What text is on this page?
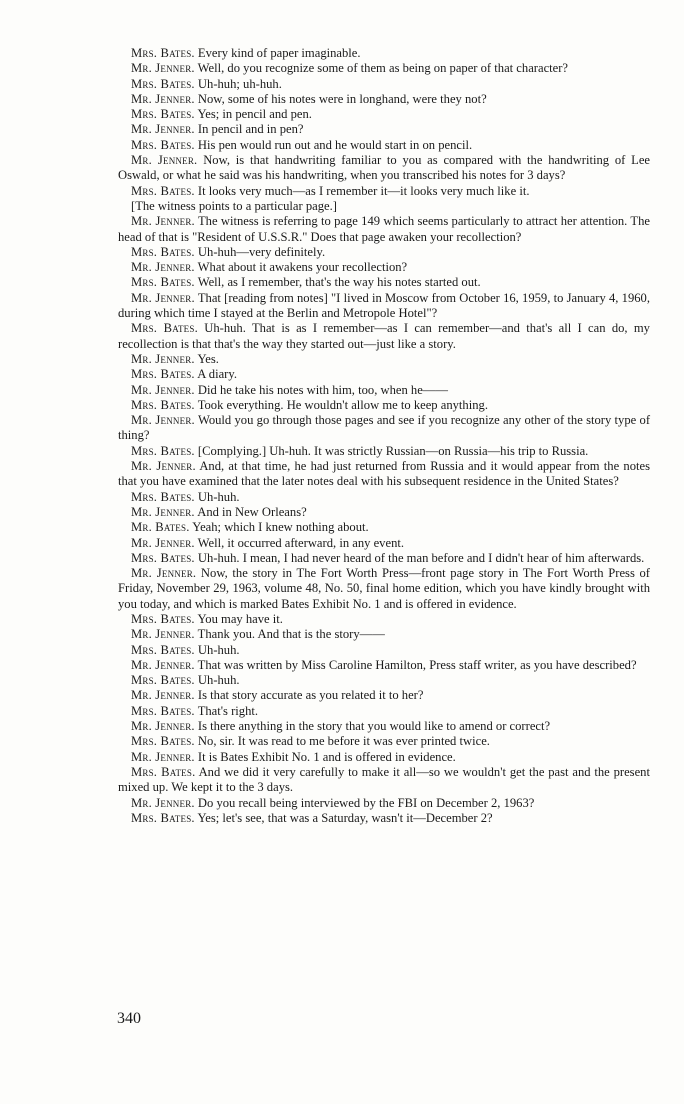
Mrs. Bates. Every kind of paper imaginable.

Mr. Jenner. Well, do you recognize some of them as being on paper of that character?

Mrs. Bates. Uh-huh; uh-huh.

Mr. Jenner. Now, some of his notes were in longhand, were they not?

Mrs. Bates. Yes; in pencil and pen.

Mr. Jenner. In pencil and in pen?

Mrs. Bates. His pen would run out and he would start in on pencil.

Mr. Jenner. Now, is that handwriting familiar to you as compared with the handwriting of Lee Oswald, or what he said was his handwriting, when you transcribed his notes for 3 days?

Mrs. Bates. It looks very much—as I remember it—it looks very much like it.

[The witness points to a particular page.]

Mr. Jenner. The witness is referring to page 149 which seems particularly to attract her attention. The head of that is "Resident of U.S.S.R." Does that page awaken your recollection?

Mrs. Bates. Uh-huh—very definitely.

Mr. Jenner. What about it awakens your recollection?

Mrs. Bates. Well, as I remember, that's the way his notes started out.

Mr. Jenner. That [reading from notes] "I lived in Moscow from October 16, 1959, to January 4, 1960, during which time I stayed at the Berlin and Metropole Hotel"?

Mrs. Bates. Uh-huh. That is as I remember—as I can remember—and that's all I can do, my recollection is that that's the way they started out—just like a story.

Mr. Jenner. Yes.

Mrs. Bates. A diary.

Mr. Jenner. Did he take his notes with him, too, when he——

Mrs. Bates. Took everything. He wouldn't allow me to keep anything.

Mr. Jenner. Would you go through those pages and see if you recognize any other of the story type of thing?

Mrs. Bates. [Complying.] Uh-huh. It was strictly Russian—on Russia—his trip to Russia.

Mr. Jenner. And, at that time, he had just returned from Russia and it would appear from the notes that you have examined that the later notes deal with his subsequent residence in the United States?

Mrs. Bates. Uh-huh.

Mr. Jenner. And in New Orleans?

Mr. Bates. Yeah; which I knew nothing about.

Mr. Jenner. Well, it occurred afterward, in any event.

Mrs. Bates. Uh-huh. I mean, I had never heard of the man before and I didn't hear of him afterwards.

Mr. Jenner. Now, the story in The Fort Worth Press—front page story in The Fort Worth Press of Friday, November 29, 1963, volume 48, No. 50, final home edition, which you have kindly brought with you today, and which is marked Bates Exhibit No. 1 and is offered in evidence.

Mrs. Bates. You may have it.

Mr. Jenner. Thank you. And that is the story——

Mrs. Bates. Uh-huh.

Mr. Jenner. That was written by Miss Caroline Hamilton, Press staff writer, as you have described?

Mrs. Bates. Uh-huh.

Mr. Jenner. Is that story accurate as you related it to her?

Mrs. Bates. That's right.

Mr. Jenner. Is there anything in the story that you would like to amend or correct?

Mrs. Bates. No, sir. It was read to me before it was ever printed twice.

Mr. Jenner. It is Bates Exhibit No. 1 and is offered in evidence.

Mrs. Bates. And we did it very carefully to make it all—so we wouldn't get the past and the present mixed up. We kept it to the 3 days.

Mr. Jenner. Do you recall being interviewed by the FBI on December 2, 1963?

Mrs. Bates. Yes; let's see, that was a Saturday, wasn't it—December 2?

340
